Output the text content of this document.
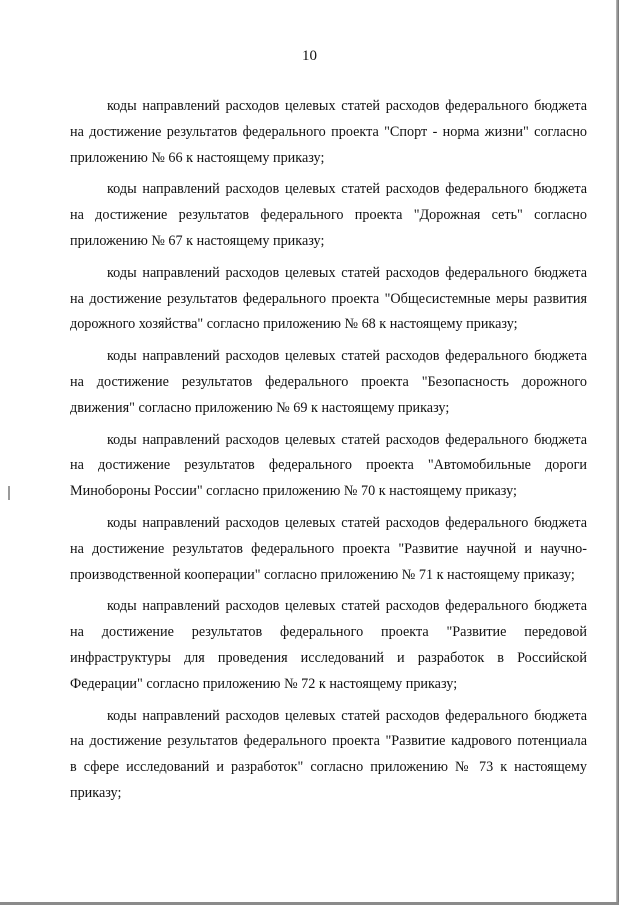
10

коды направлений расходов целевых статей расходов федерального бюджета
на достижение результатов федерального проекта "Спорт - норма жизни" согласно
приложению № 66 к настоящему приказу;

коды направлений расходов целевых статей расходов федерального бюджета
на достижение результатов федерального проекта "Дорожная сеть" согласно
приложению № 67 к настоящему приказу;

коды направлений расходов целевых статей расходов федерального бюджета
на достижение результатов федерального проекта "Общесистемные меры развития
дорожного хозяйства" согласно приложению № 68 к настоящему приказу;

коды направлений расходов целевых статей расходов федерального бюджета
на достижение результатов федерального проекта "Безопасность дорожного
движения" согласно приложению № 69 к настоящему приказу;

коды направлений расходов целевых статей расходов федерального бюджета
на достижение результатов федерального проекта "Автомобильные дороги
Минобороны России" согласно приложению № 70 к настоящему приказу;

коды направлений расходов целевых статей расходов федерального бюджета
на достижение результатов федерального проекта "Развитие научной и научно-
производственной кооперации" согласно приложению № 71 к настоящему приказу;

коды направлений расходов целевых статей расходов федерального бюджета
на достижение результатов федерального проекта "Развитие передовой
инфраструктуры для проведения исследований и разработок в Российской
Федерации" согласно приложению № 72 к настоящему приказу;

коды направлений расходов целевых статей расходов федерального бюджета
на достижение результатов федерального проекта "Развитие кадрового потенциала
в сфере исследований и разработок" согласно приложению № 73 к настоящему
приказу;
